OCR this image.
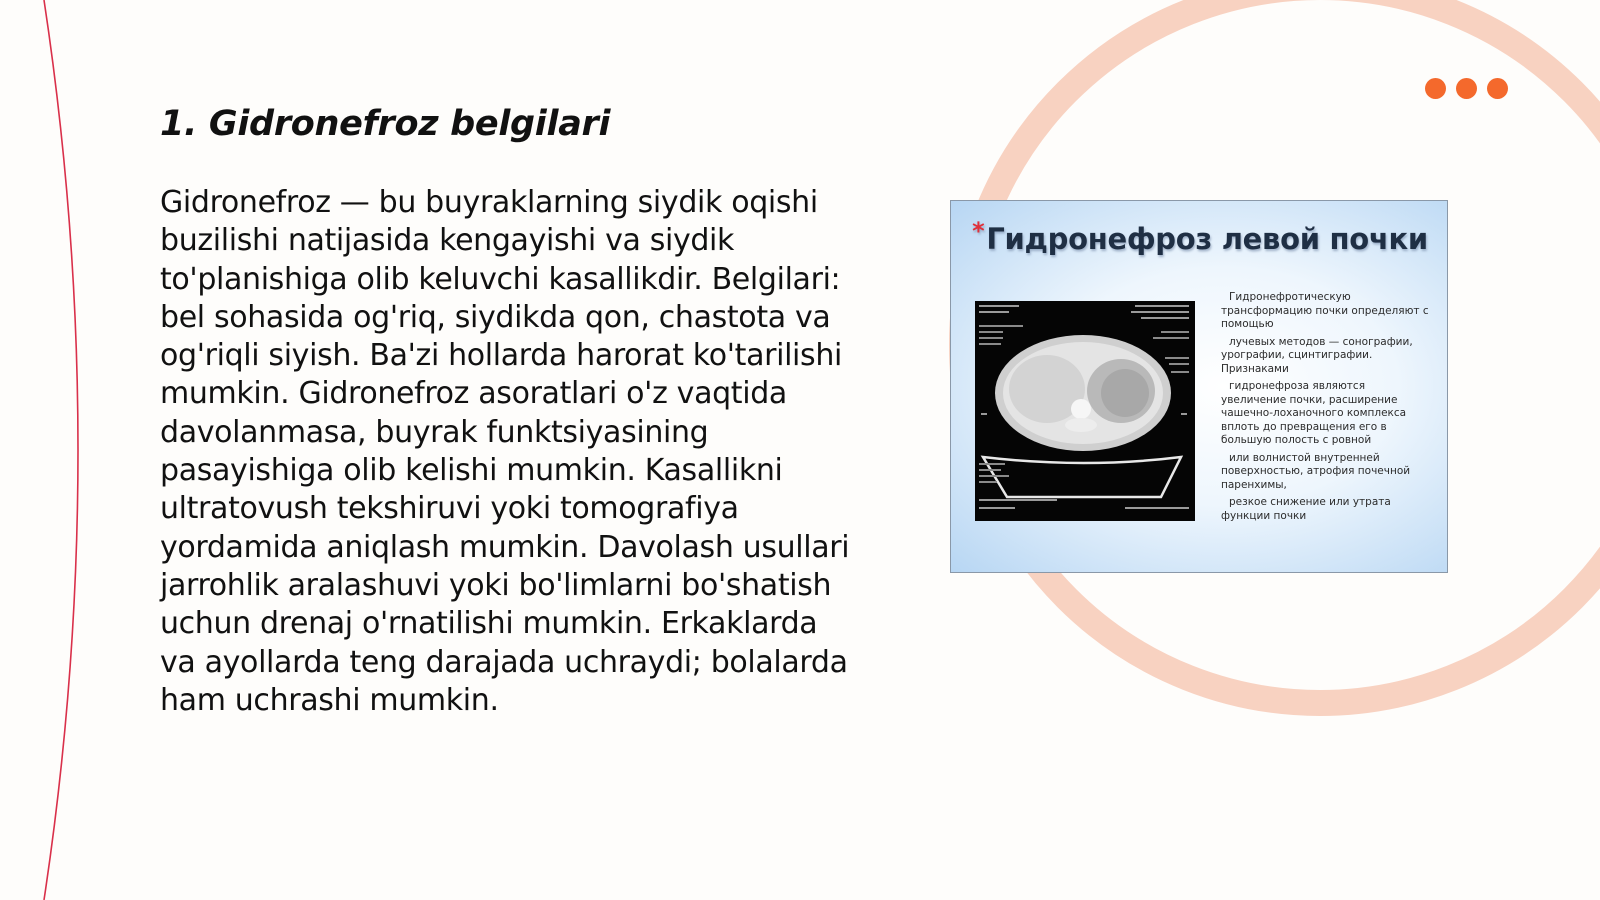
1. Gidronefroz belgilari

Gidronefroz — bu buyraklarning siydik oqishi buzilishi natijasida kengayishi va siydik to'planishiga olib keluvchi kasallikdir. Belgilari: bel sohasida og'riq, siydikda qon, chastota va og'riqli siyish. Ba'zi hollarda harorat ko'tarilishi mumkin. Gidronefroz asoratlari o'z vaqtida davolanmasa, buyrak funktsiyasining pasayishiga olib kelishi mumkin. Kasallikni ultratovush tekshiruvi yoki tomografiya yordamida aniqlash mumkin. Davolash usullari jarrohlik aralashuvi yoki bo'limlarni bo'shatish uchun drenaj o'rnatilishi mumkin. Erkaklarda va ayollarda teng darajada uchraydi; bolalarda ham uchrashi mumkin.

*Гидронефроз левой почки

Гидронефротическую трансформацию почки определяют с помощью

лучевых методов — сонографии, урографии, сцинтиграфии. Признаками

гидронефроза являются увеличение почки, расширение чашечно-лоханочного комплекса вплоть до превращения его в большую полость с ровной

или волнистой внутренней поверхностью, атрофия почечной паренхимы,

резкое снижение или утрата функции почки
